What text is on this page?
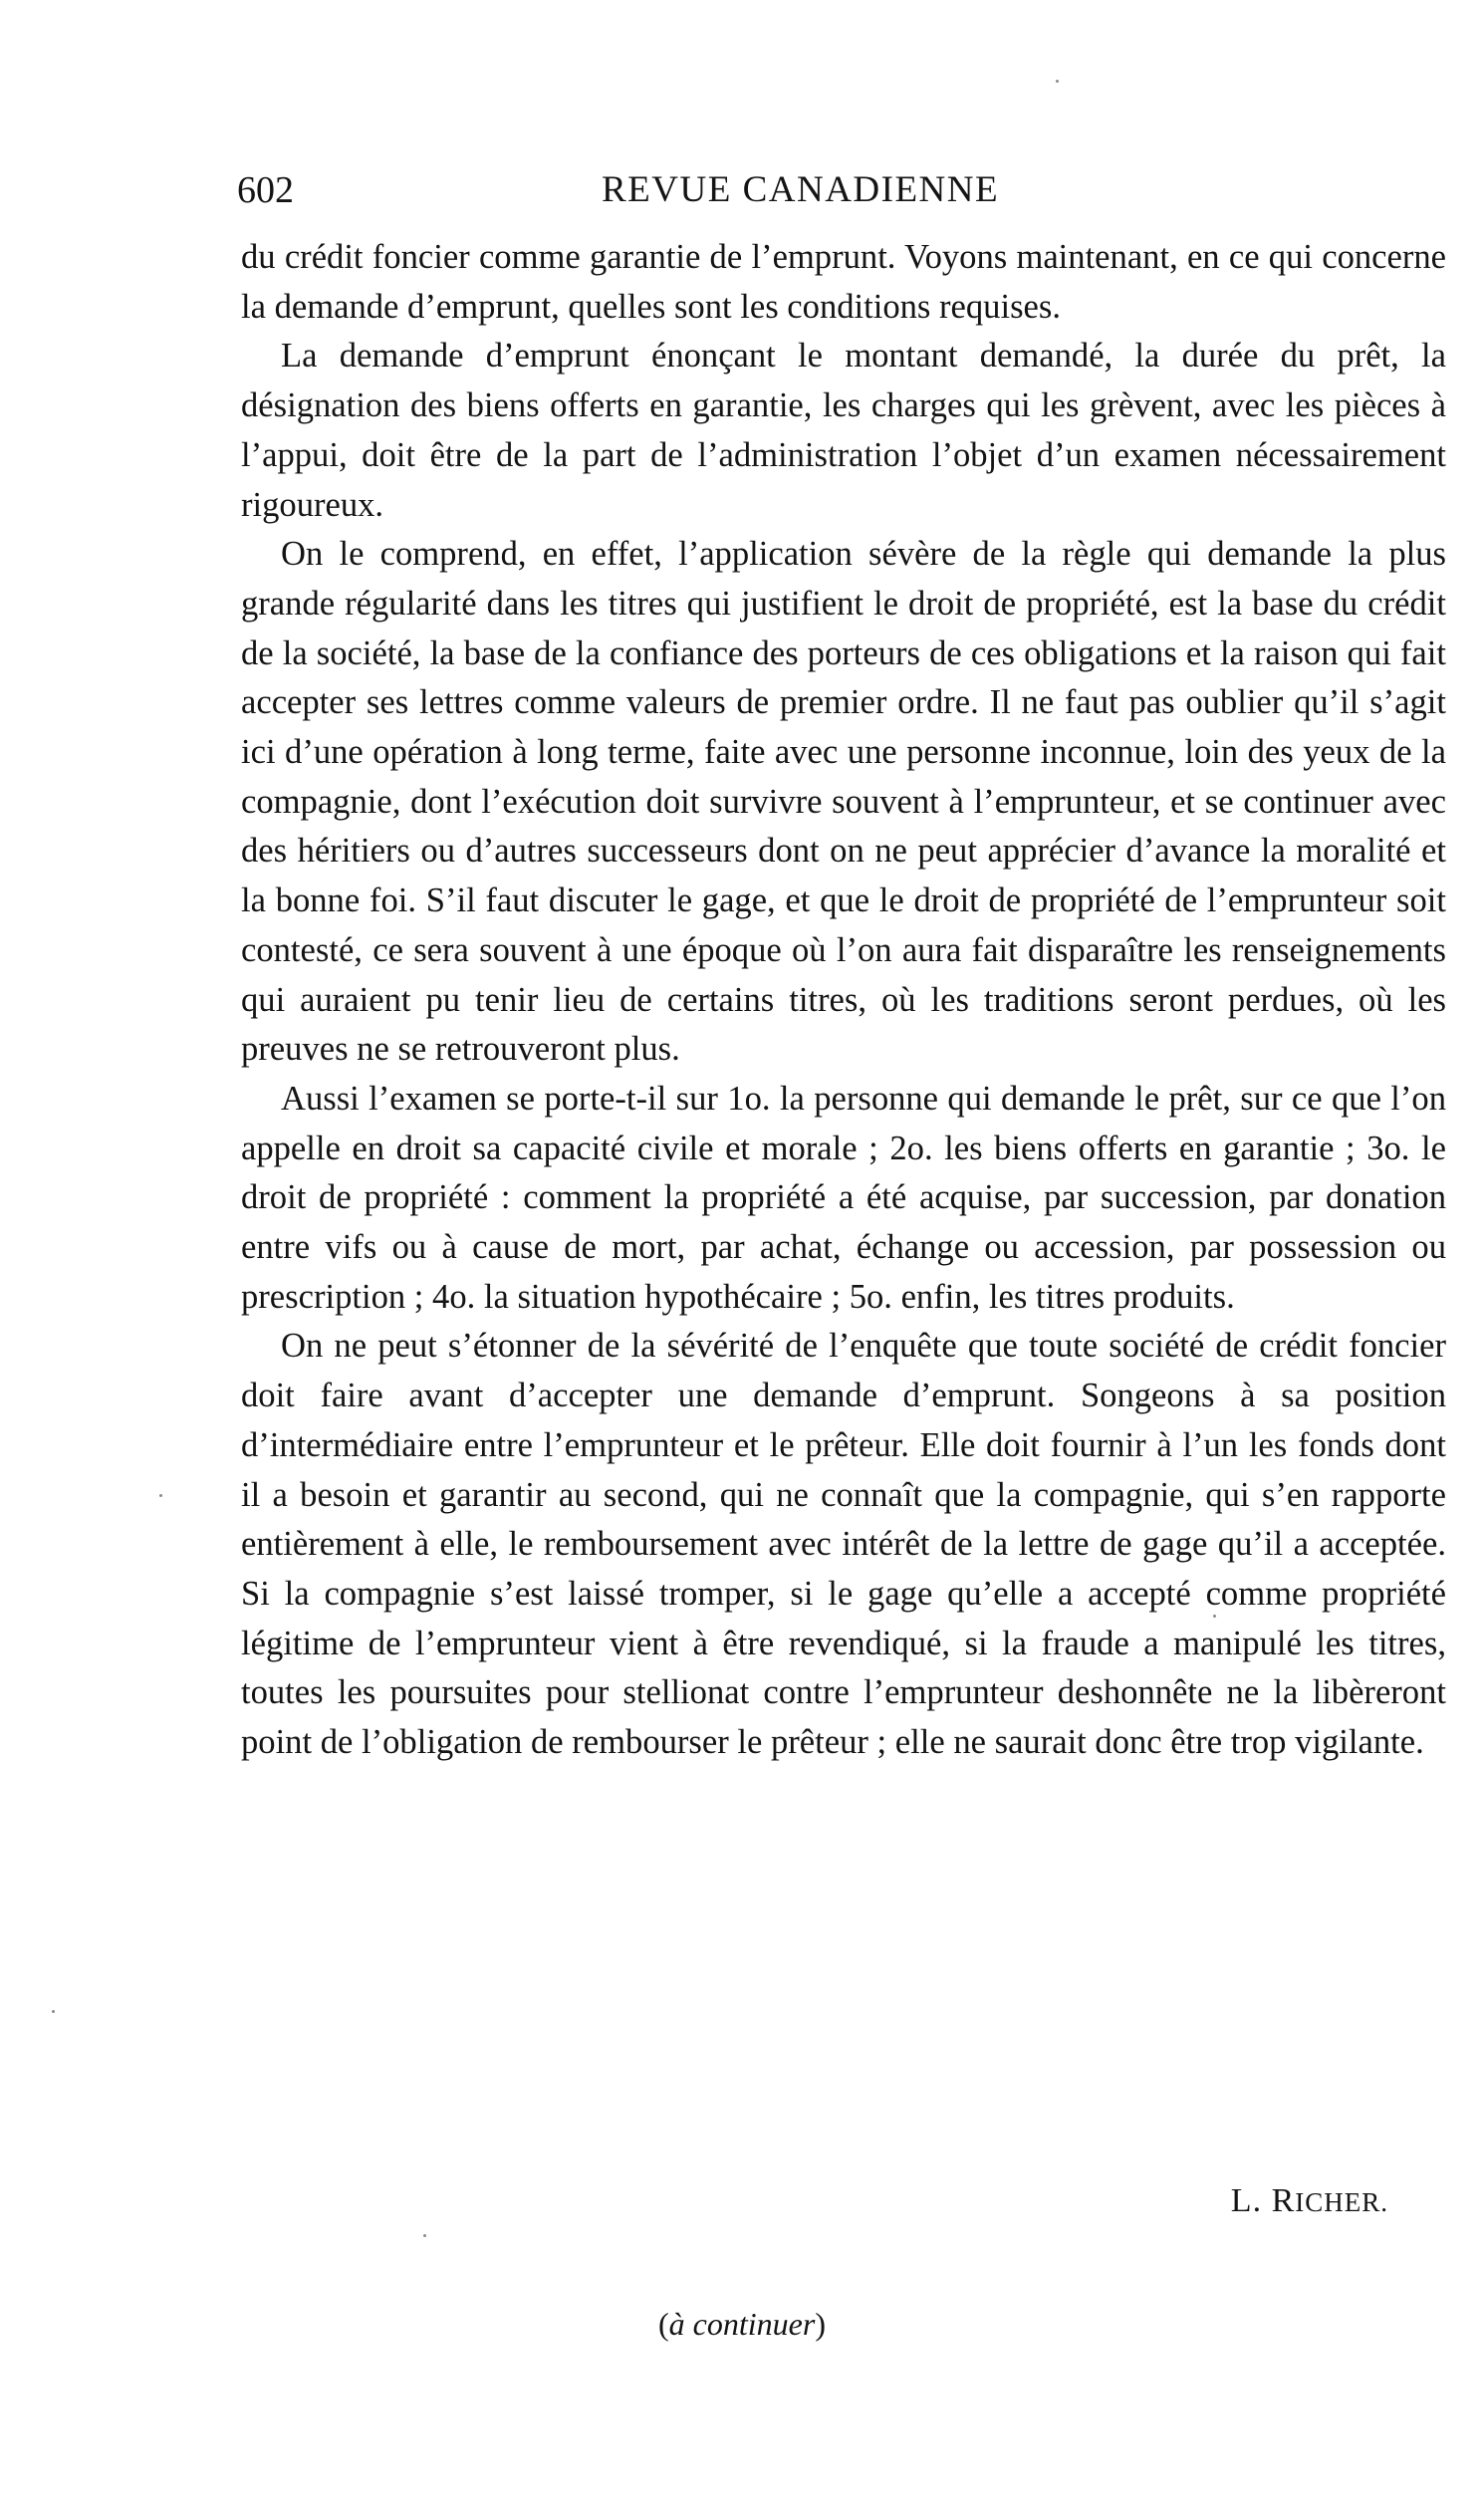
602	REVUE CANADIENNE

du crédit foncier comme garantie de l’emprunt. Voyons maintenant, en ce qui concerne la demande d’emprunt, quelles sont les conditions requises.

La demande d’emprunt énonçant le montant demandé, la durée du prêt, la désignation des biens offerts en garantie, les charges qui les grèvent, avec les pièces à l’appui, doit être de la part de l’administration l’objet d’un examen nécessairement rigoureux.

On le comprend, en effet, l’application sévère de la règle qui demande la plus grande régularité dans les titres qui justifient le droit de propriété, est la base du crédit de la société, la base de la confiance des porteurs de ces obligations et la raison qui fait accepter ses lettres comme valeurs de premier ordre. Il ne faut pas oublier qu’il s’agit ici d’une opération à long terme, faite avec une personne inconnue, loin des yeux de la compagnie, dont l’exécution doit survivre souvent à l’emprunteur, et se continuer avec des héritiers ou d’autres successeurs dont on ne peut apprécier d’avance la moralité et la bonne foi. S’il faut discuter le gage, et que le droit de propriété de l’emprunteur soit contesté, ce sera souvent à une époque où l’on aura fait disparaître les renseignements qui auraient pu tenir lieu de certains titres, où les traditions seront perdues, où les preuves ne se retrouveront plus.

Aussi l’examen se porte-t-il sur 1o. la personne qui demande le prêt, sur ce que l’on appelle en droit sa capacité civile et morale ; 2o. les biens offerts en garantie ; 3o. le droit de propriété : comment la propriété a été acquise, par succession, par donation entre vifs ou à cause de mort, par achat, échange ou accession, par possession ou prescription ; 4o. la situation hypothécaire ; 5o. enfin, les titres produits.

On ne peut s’étonner de la sévérité de l’enquête que toute société de crédit foncier doit faire avant d’accepter une demande d’emprunt. Songeons à sa position d’intermédiaire entre l’emprunteur et le prêteur. Elle doit fournir à l’un les fonds dont il a besoin et garantir au second, qui ne connaît que la compagnie, qui s’en rapporte entièrement à elle, le remboursement avec intérêt de la lettre de gage qu’il a acceptée. Si la compagnie s’est laissé tromper, si le gage qu’elle a accepté comme propriété légitime de l’emprunteur vient à être revendiqué, si la fraude a manipulé les titres, toutes les poursuites pour stellionat contre l’emprunteur deshonnête ne la libèreront point de l’obligation de rembourser le prêteur ; elle ne saurait donc être trop vigilante.

L. RICHER.
(à continuer)
